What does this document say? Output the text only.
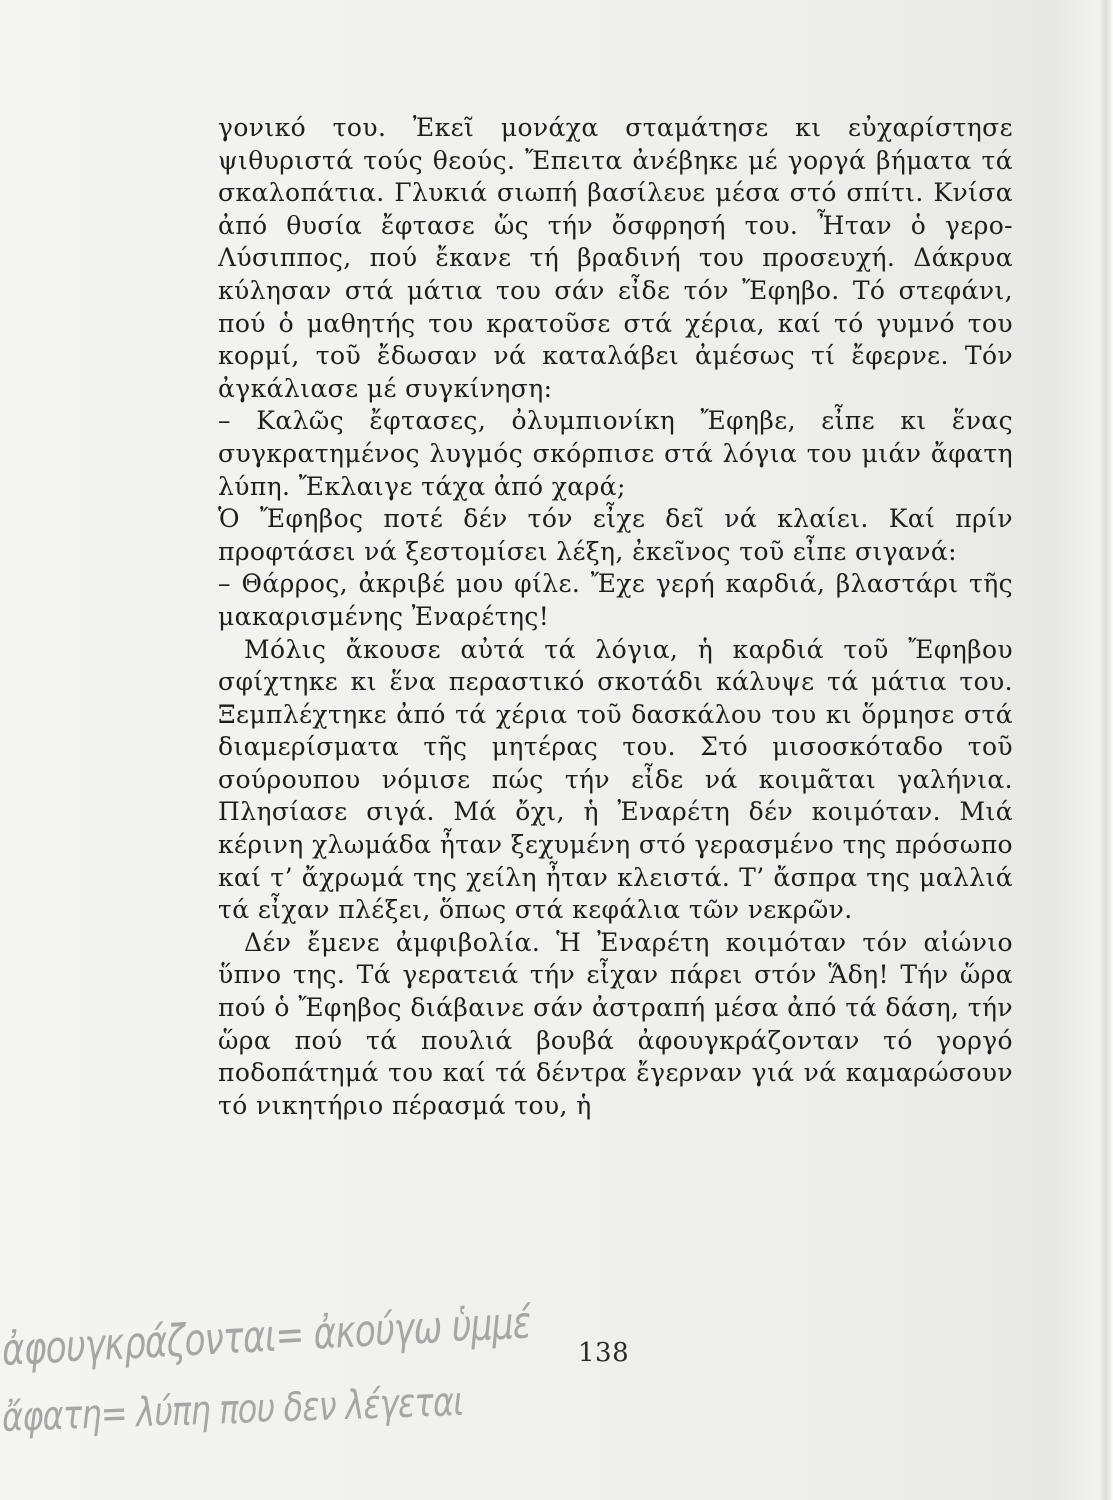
γονικό του. Ἐκεῖ μονάχα σταμάτησε κι εὐχαρίστησε ψιθυριστά τούς θεούς. Ἔπειτα ἀνέβηκε μέ γοργά βήματα τά σκαλοπάτια. Γλυκιά σιωπή βασίλευε μέσα στό σπίτι. Κνίσα ἀπό θυσία ἔφτασε ὥς τήν ὄσφρησή του. Ἦταν ὁ γερο-Λύσιππος, πού ἔκανε τή βραδινή του προσευχή. Δάκρυα κύλησαν στά μάτια του σάν εἶδε τόν Ἔφηβο. Τό στεφάνι, πού ὁ μαθητής του κρατοῦσε στά χέρια, καί τό γυμνό του κορμί, τοῦ ἔδωσαν νά καταλάβει ἀμέσως τί ἔφερνε. Τόν ἀγκάλιασε μέ συγκίνηση:

– Καλῶς ἔφτασες, ὀλυμπιονίκη Ἔφηβε, εἶπε κι ἕνας συγκρατημένος λυγμός σκόρπισε στά λόγια του μιάν ἄφατη λύπη. Ἔκλαιγε τάχα ἀπό χαρά;

Ὁ Ἔφηβος ποτέ δέν τόν εἶχε δεῖ νά κλαίει. Καί πρίν προφτάσει νά ξεστομίσει λέξη, ἐκεῖνος τοῦ εἶπε σιγανά:

– Θάρρος, ἀκριβέ μου φίλε. Ἔχε γερή καρδιά, βλαστάρι τῆς μακαρισμένης Ἐναρέτης!

Μόλις ἄκουσε αὐτά τά λόγια, ἡ καρδιά τοῦ Ἔφηβου σφίχτηκε κι ἕνα περαστικό σκοτάδι κάλυψε τά μάτια του. Ξεμπλέχτηκε ἀπό τά χέρια τοῦ δασκάλου του κι ὅρμησε στά διαμερίσματα τῆς μητέρας του. Στό μισοσκόταδο τοῦ σούρουπου νόμισε πώς τήν εἶδε νά κοιμᾶται γαλήνια. Πλησίασε σιγά. Μά ὄχι, ἡ Ἐναρέτη δέν κοιμόταν. Μιά κέρινη χλωμάδα ἦταν ξεχυμένη στό γερασμένο της πρόσωπο καί τ’ ἄχρωμά της χείλη ἦταν κλειστά. Τ’ ἄσπρα της μαλλιά τά εἶχαν πλέξει, ὅπως στά κεφάλια τῶν νεκρῶν.

Δέν ἔμενε ἀμφιβολία. Ἡ Ἐναρέτη κοιμόταν τόν αἰώνιο ὕπνο της. Τά γερατειά τήν εἶχαν πάρει στόν Ἅδη! Τήν ὥρα πού ὁ Ἔφηβος διάβαινε σάν ἀστραπή μέσα ἀπό τά δάση, τήν ὥρα πού τά πουλιά βουβά ἀφουγκράζονταν τό γοργό ποδοπάτημά του καί τά δέντρα ἔγερναν γιά νά καμαρώσουν τό νικητήριο πέρασμά του, ἡ

138
ἀφουγκράζονται= ἀκούγω ὑμμέ
ἄφατη= λύπη που δεν λέγεται
